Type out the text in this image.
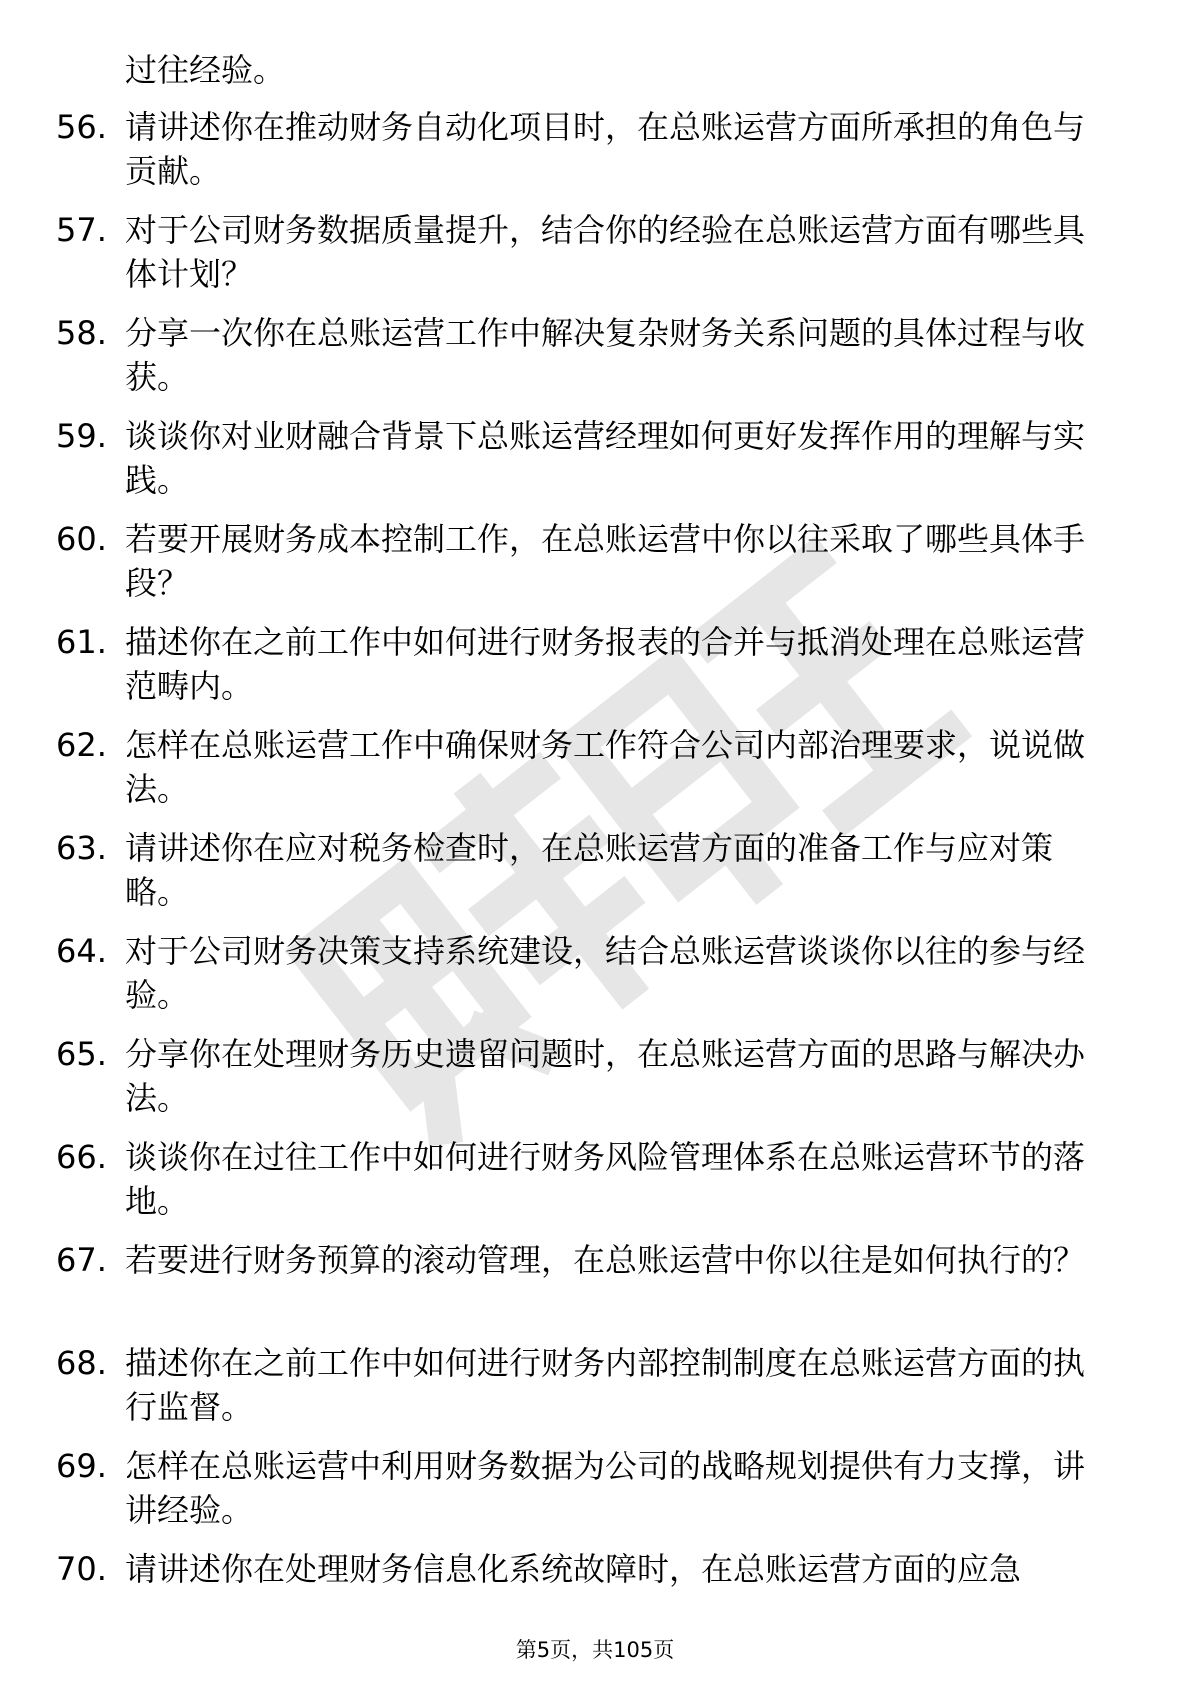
过往经验。
56. 请讲述你在推动财务自动化项目时，在总账运营方面所承担的角色与贡献。
57. 对于公司财务数据质量提升，结合你的经验在总账运营方面有哪些具体计划？
58. 分享一次你在总账运营工作中解决复杂财务关系问题的具体过程与收获。
59. 谈谈你对业财融合背景下总账运营经理如何更好发挥作用的理解与实践。
60. 若要开展财务成本控制工作，在总账运营中你以往采取了哪些具体手段？
61. 描述你在之前工作中如何进行财务报表的合并与抵消处理在总账运营范畴内。
62. 怎样在总账运营工作中确保财务工作符合公司内部治理要求，说说做法。
63. 请讲述你在应对税务检查时，在总账运营方面的准备工作与应对策略。
64. 对于公司财务决策支持系统建设，结合总账运营谈谈你以往的参与经验。
65. 分享你在处理财务历史遗留问题时，在总账运营方面的思路与解决办法。
66. 谈谈你在过往工作中如何进行财务风险管理体系在总账运营环节的落地。
67. 若要进行财务预算的滚动管理，在总账运营中你以往是如何执行的？
68. 描述你在之前工作中如何进行财务内部控制制度在总账运营方面的执行监督。
69. 怎样在总账运营中利用财务数据为公司的战略规划提供有力支撑，讲讲经验。
70. 请讲述你在处理财务信息化系统故障时，在总账运营方面的应急
第5页，共105页
